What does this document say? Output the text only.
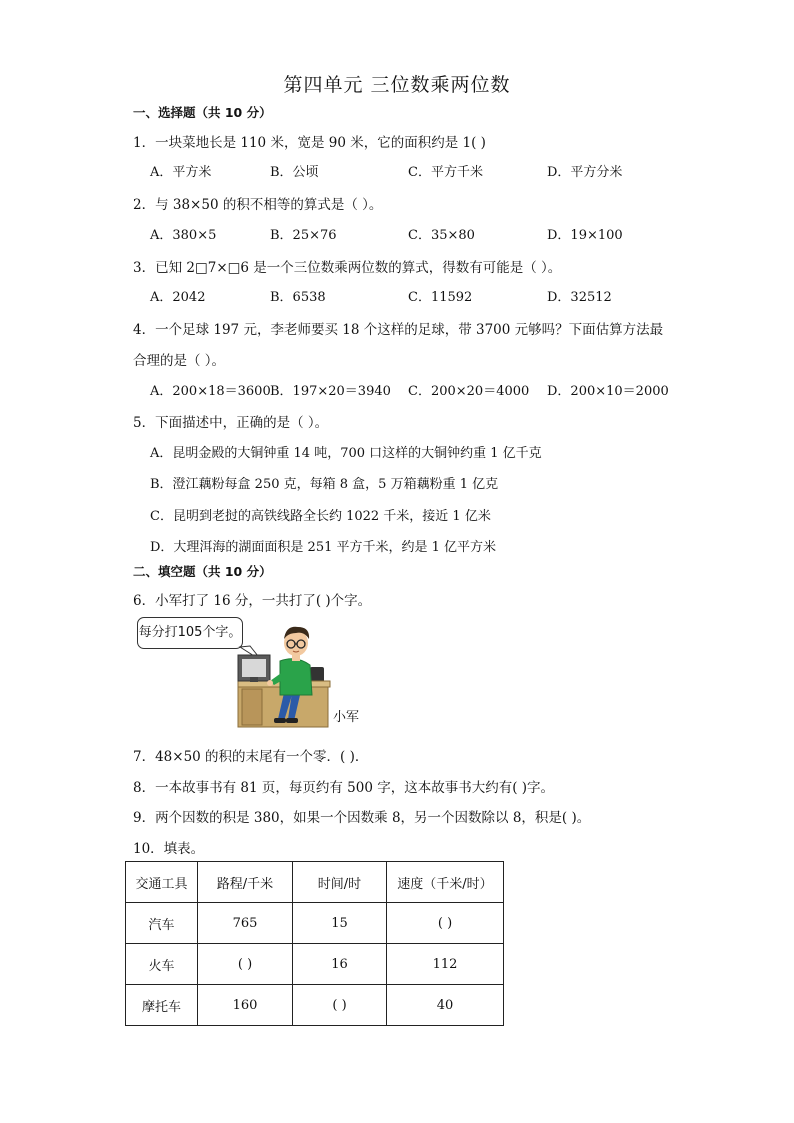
第四单元 三位数乘两位数
一、选择题（共 10 分）
1．一块菜地长是 110 米，宽是 90 米，它的面积约是 1( )
A．平方米	B．公顷	C．平方千米	D．平方分米
2．与 38×50 的积不相等的算式是（ ）。
A．380×5	B．25×76	C．35×80	D．19×100
3．已知 2□7×□6 是一个三位数乘两位数的算式，得数有可能是（ ）。
A．2042	B．6538	C．11592	D．32512
4．一个足球 197 元，李老师要买 18 个这样的足球，带 3700 元够吗？下面估算方法最
合理的是（ ）。
A．200×18＝3600 B．197×20＝3940 C．200×20＝4000 D．200×10＝2000
5．下面描述中，正确的是（ ）。
A．昆明金殿的大铜钟重 14 吨，700 口这样的大铜钟约重 1 亿千克
B．澄江藕粉每盒 250 克，每箱 8 盒，5 万箱藕粉重 1 亿克
C．昆明到老挝的高铁线路全长约 1022 千米，接近 1 亿米
D．大理洱海的湖面面积是 251 平方千米，约是 1 亿平方米
二、填空题（共 10 分）
6．小军打了 16 分，一共打了( )个字。
每分打105个字。
小军
7．48×50 的积的末尾有一个零．( )．
8．一本故事书有 81 页，每页约有 500 字，这本故事书大约有( )字。
9．两个因数的积是 380，如果一个因数乘 8，另一个因数除以 8，积是( )。
10．填表。
交通工具	路程/千米	时间/时	速度（千米/时）
汽车	765	15	( )
火车	( )	16	112
摩托车	160	( )	40
